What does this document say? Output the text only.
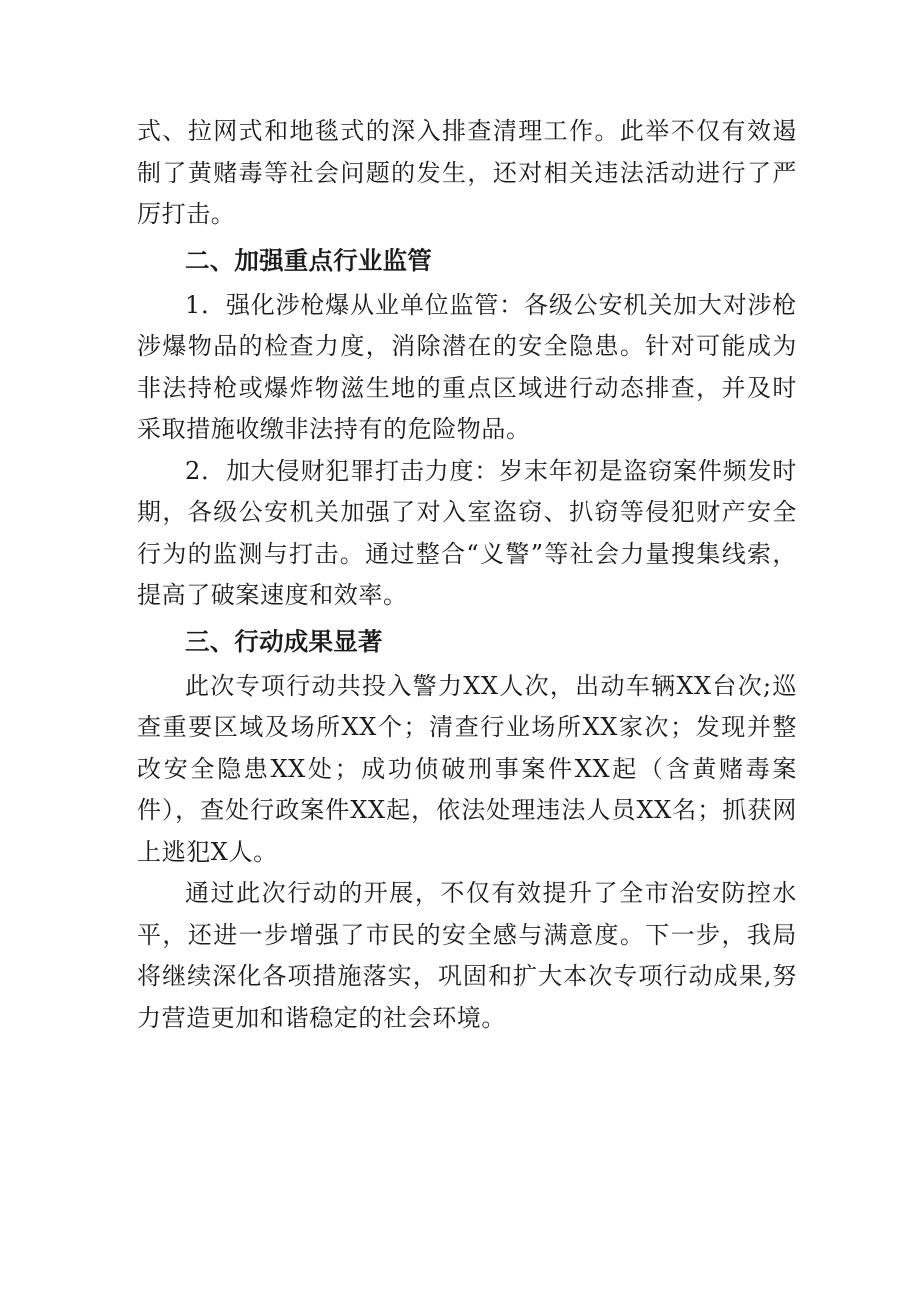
式、拉网式和地毯式的深入排查清理工作。此举不仅有效遏制了黄赌毒等社会问题的发生，还对相关违法活动进行了严厉打击。

二、加强重点行业监管

1．强化涉枪爆从业单位监管：各级公安机关加大对涉枪涉爆物品的检查力度，消除潜在的安全隐患。针对可能成为非法持枪或爆炸物滋生地的重点区域进行动态排查，并及时采取措施收缴非法持有的危险物品。

2．加大侵财犯罪打击力度：岁末年初是盗窃案件频发时期，各级公安机关加强了对入室盗窃、扒窃等侵犯财产安全行为的监测与打击。通过整合“义警”等社会力量搜集线索，提高了破案速度和效率。

三、行动成果显著

此次专项行动共投入警力XX人次，出动车辆XX台次;巡查重要区域及场所XX个；清查行业场所XX家次；发现并整改安全隐患XX处；成功侦破刑事案件XX起（含黄赌毒案件），查处行政案件XX起，依法处理违法人员XX名；抓获网上逃犯X人。

通过此次行动的开展，不仅有效提升了全市治安防控水平，还进一步增强了市民的安全感与满意度。下一步，我局将继续深化各项措施落实，巩固和扩大本次专项行动成果,努力营造更加和谐稳定的社会环境。
